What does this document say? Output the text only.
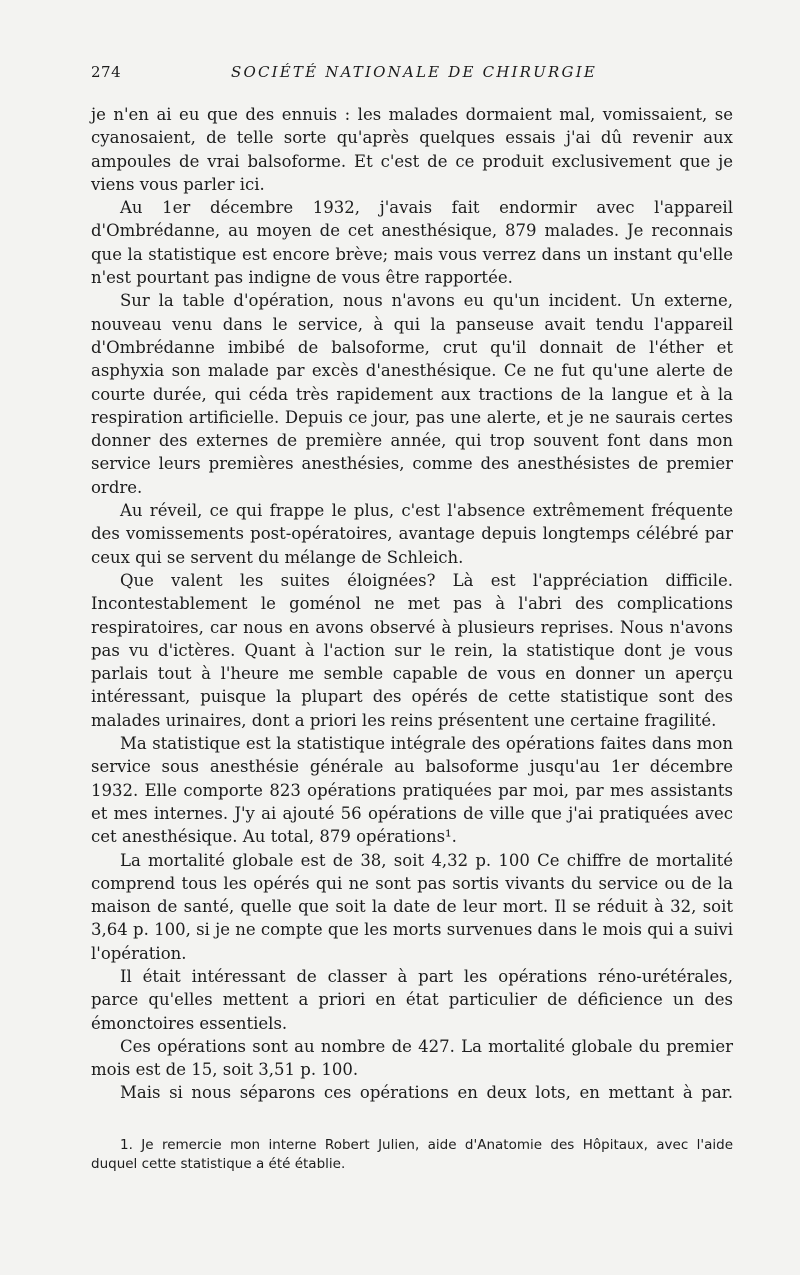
274	SOCIÉTÉ NATIONALE DE CHIRURGIE

je n'en ai eu que des ennuis : les malades dormaient mal, vomissaient, se cyanosaient, de telle sorte qu'après quelques essais j'ai dû revenir aux ampoules de vrai balsoforme. Et c'est de ce produit exclusivement que je viens vous parler ici.

Au 1er décembre 1932, j'avais fait endormir avec l'appareil d'Ombrédanne, au moyen de cet anesthésique, 879 malades. Je reconnais que la statistique est encore brève; mais vous verrez dans un instant qu'elle n'est pourtant pas indigne de vous être rapportée.

Sur la table d'opération, nous n'avons eu qu'un incident. Un externe, nouveau venu dans le service, à qui la panseuse avait tendu l'appareil d'Ombrédanne imbibé de balsoforme, crut qu'il donnait de l'éther et asphyxia son malade par excès d'anesthésique. Ce ne fut qu'une alerte de courte durée, qui céda très rapidement aux tractions de la langue et à la respiration artificielle. Depuis ce jour, pas une alerte, et je ne saurais certes donner des externes de première année, qui trop souvent font dans mon service leurs premières anesthésies, comme des anesthésistes de premier ordre.

Au réveil, ce qui frappe le plus, c'est l'absence extrêmement fréquente des vomissements post-opératoires, avantage depuis longtemps célébré par ceux qui se servent du mélange de Schleich.

Que valent les suites éloignées? Là est l'appréciation difficile. Incontestablement le goménol ne met pas à l'abri des complications respiratoires, car nous en avons observé à plusieurs reprises. Nous n'avons pas vu d'ictères. Quant à l'action sur le rein, la statistique dont je vous parlais tout à l'heure me semble capable de vous en donner un aperçu intéressant, puisque la plupart des opérés de cette statistique sont des malades urinaires, dont a priori les reins présentent une certaine fragilité.

Ma statistique est la statistique intégrale des opérations faites dans mon service sous anesthésie générale au balsoforme jusqu'au 1er décembre 1932. Elle comporte 823 opérations pratiquées par moi, par mes assistants et mes internes. J'y ai ajouté 56 opérations de ville que j'ai pratiquées avec cet anesthésique. Au total, 879 opérations¹.

La mortalité globale est de 38, soit 4,32 p. 100 Ce chiffre de mortalité comprend tous les opérés qui ne sont pas sortis vivants du service ou de la maison de santé, quelle que soit la date de leur mort. Il se réduit à 32, soit 3,64 p. 100, si je ne compte que les morts survenues dans le mois qui a suivi l'opération.

Il était intéressant de classer à part les opérations réno-urétérales, parce qu'elles mettent a priori en état particulier de déficience un des émonctoires essentiels.

Ces opérations sont au nombre de 427. La mortalité globale du premier mois est de 15, soit 3,51 p. 100.

Mais si nous séparons ces opérations en deux lots, en mettant à par.

1. Je remercie mon interne Robert Julien, aide d'Anatomie des Hôpitaux, avec l'aide duquel cette statistique a été établie.
